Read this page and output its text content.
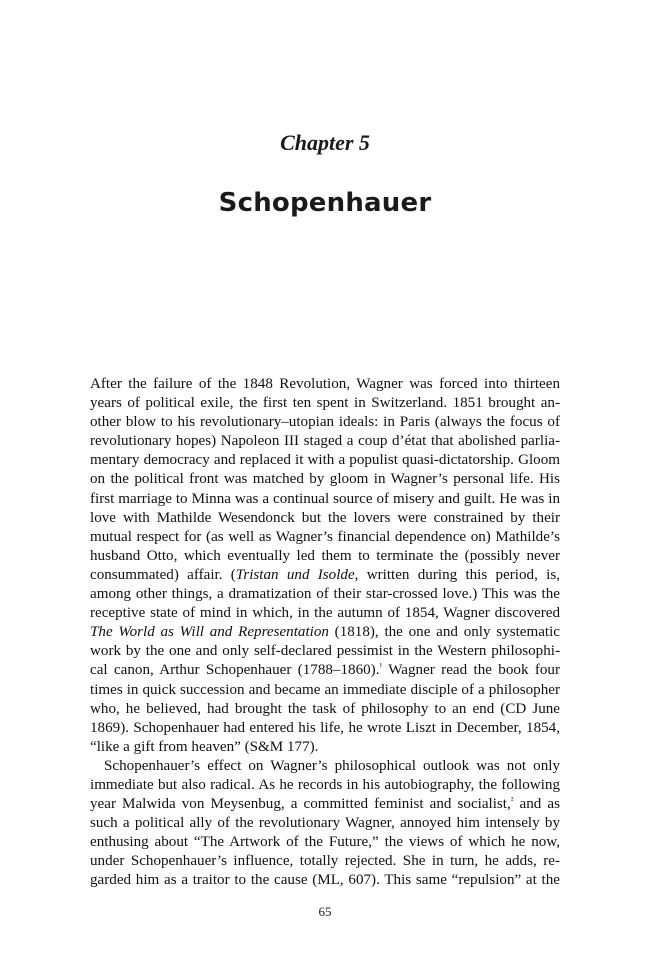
Chapter 5
Schopenhauer
After the failure of the 1848 Revolution, Wagner was forced into thirteen
years of political exile, the first ten spent in Switzerland. 1851 brought an-
other blow to his revolutionary–utopian ideals: in Paris (always the focus of
revolutionary hopes) Napoleon III staged a coup d’état that abolished parlia-
mentary democracy and replaced it with a populist quasi-dictatorship. Gloom
on the political front was matched by gloom in Wagner’s personal life. His
first marriage to Minna was a continual source of misery and guilt. He was in
love with Mathilde Wesendonck but the lovers were constrained by their
mutual respect for (as well as Wagner’s financial dependence on) Mathilde’s
husband Otto, which eventually led them to terminate the (possibly never
consummated) affair. (Tristan und Isolde, written during this period, is,
among other things, a dramatization of their star-crossed love.) This was the
receptive state of mind in which, in the autumn of 1854, Wagner discovered
The World as Will and Representation (1818), the one and only systematic
work by the one and only self-declared pessimist in the Western philosophi-
cal canon, Arthur Schopenhauer (1788–1860).$^{^1}$ Wagner read the book four
times in quick succession and became an immediate disciple of a philosopher
who, he believed, had brought the task of philosophy to an end (CD June
1869). Schopenhauer had entered his life, he wrote Liszt in December, 1854,
“like a gift from heaven” (S&M 177).
Schopenhauer’s effect on Wagner’s philosophical outlook was not only
immediate but also radical. As he records in his autobiography, the following
year Malwida von Meysenbug, a committed feminist and socialist,$^{^2}$ and as
such a political ally of the revolutionary Wagner, annoyed him intensely by
enthusing about “The Artwork of the Future,” the views of which he now,
under Schopenhauer’s influence, totally rejected. She in turn, he adds, re-
garded him as a traitor to the cause (ML, 607). This same “repulsion” at the
65
